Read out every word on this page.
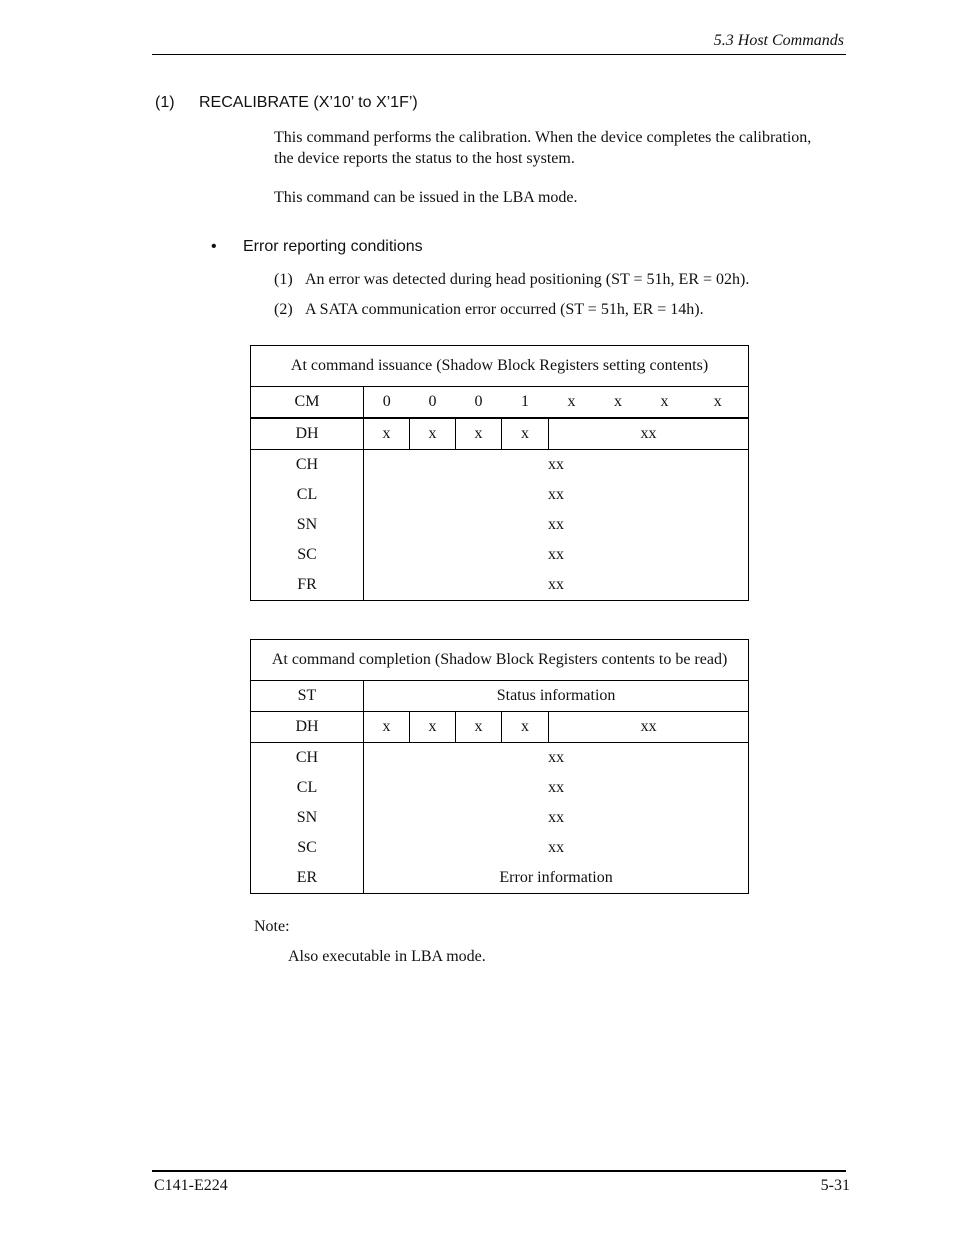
5.3 Host Commands
(1) RECALIBRATE (X’10’ to X’1F’)
This command performs the calibration. When the device completes the calibration, the device reports the status to the host system.
This command can be issued in the LBA mode.
• Error reporting conditions
(1) An error was detected during head positioning (ST = 51h, ER = 02h).
(2) A SATA communication error occurred (ST = 51h, ER = 14h).
At command issuance (Shadow Block Registers setting contents)								
CM	0	0	0	1	x	x	x	x
DH	x	x	x	x	xx			
CH	xx							
CL	xx							
SN	xx							
SC	xx							
FR	xx							
At command completion (Shadow Block Registers contents to be read)					
ST	Status information				
DH	x	x	x	x	xx
CH	xx				
CL	xx				
SN	xx				
SC	xx				
ER	Error information				
Note:
Also executable in LBA mode.
C141-E224	5-31
